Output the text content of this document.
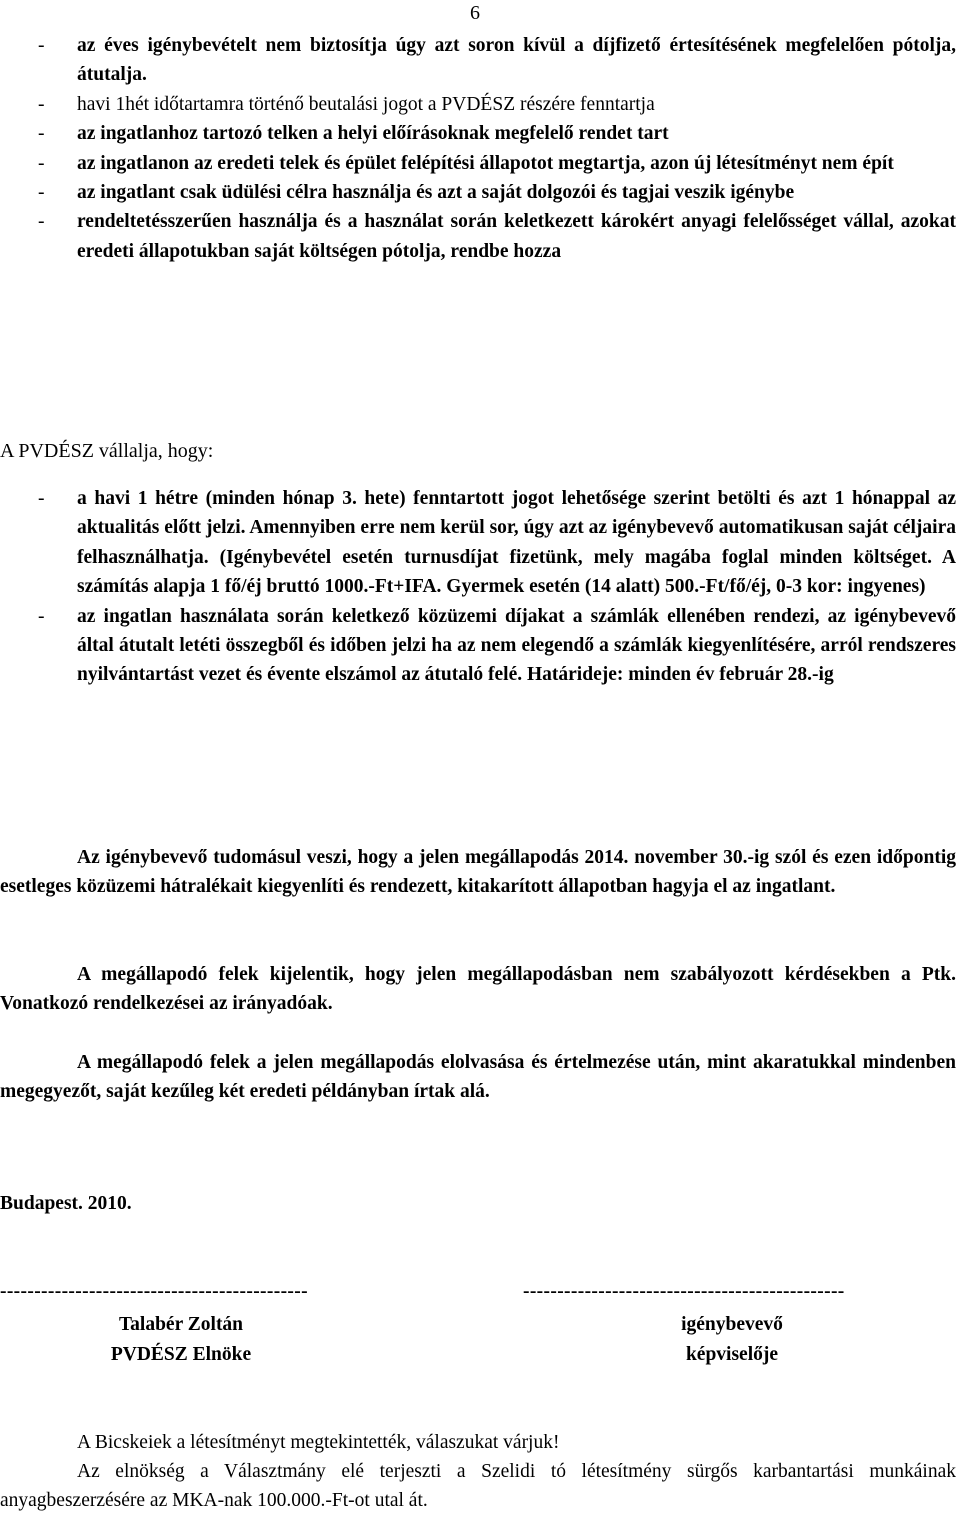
6
- az éves igénybevételt nem biztosítja úgy azt soron kívül a díjfizető értesítésének megfelelően pótolja, átutalja.
- havi 1hét időtartamra történő beutalási jogot a PVDÉSZ részére fenntartja
- az ingatlanhoz tartozó telken a helyi előírásoknak megfelelő rendet tart
- az ingatlanon az eredeti telek és épület felépítési állapotot megtartja, azon új létesítményt nem épít
- az ingatlant csak üdülési célra használja és azt a saját dolgozói és tagjai veszik igénybe
- rendeltetésszerűen használja és a használat során keletkezett károkért anyagi felelősséget vállal, azokat eredeti állapotukban saját költségen pótolja, rendbe hozza
A PVDÉSZ vállalja, hogy:
- a havi 1 hétre (minden hónap 3. hete) fenntartott jogot lehetősége szerint betölti és azt 1 hónappal az aktualitás előtt jelzi. Amennyiben erre nem kerül sor, úgy azt az igénybevevő automatikusan saját céljaira felhasználhatja. (Igénybevétel esetén turnusdíjat fizetünk, mely magába foglal minden költséget. A számítás alapja 1 fő/éj bruttó 1000.-Ft+IFA. Gyermek esetén (14 alatt) 500.-Ft/fő/éj, 0-3 kor: ingyenes)
- az ingatlan használata során keletkező közüzemi díjakat a számlák ellenében rendezi, az igénybevevő által átutalt letéti összegből és időben jelzi ha az nem elegendő a számlák kiegyenlítésére, arról rendszeres nyilvántartást vezet és évente elszámol az átutaló felé. Határideje: minden év február 28.-ig
Az igénybevevő tudomásul veszi, hogy a jelen megállapodás 2014. november 30.-ig szól és ezen időpontig esetleges közüzemi hátralékait kiegyenlíti és rendezett, kitakarított állapotban hagyja el az ingatlant.
A megállapodó felek kijelentik, hogy jelen megállapodásban nem szabályozott kérdésekben a Ptk. Vonatkozó rendelkezései az irányadóak.
A megállapodó felek a jelen megállapodás elolvasása és értelmezése után, mint akaratukkal mindenben megegyezőt, saját kezűleg két eredeti példányban írtak alá.
Budapest. 2010.
---------------------------------------------	-----------------------------------------------
Talabér Zoltán
PVDÉSZ Elnöke
igénybevevő
képviselője
A Bicskeiek a létesítményt megtekintették, válaszukat várjuk!
Az elnökség a Választmány elé terjeszti a Szelidi tó létesítmény sürgős karbantartási munkáinak anyagbeszerzésére az MKA-nak 100.000.-Ft-ot utal át.
